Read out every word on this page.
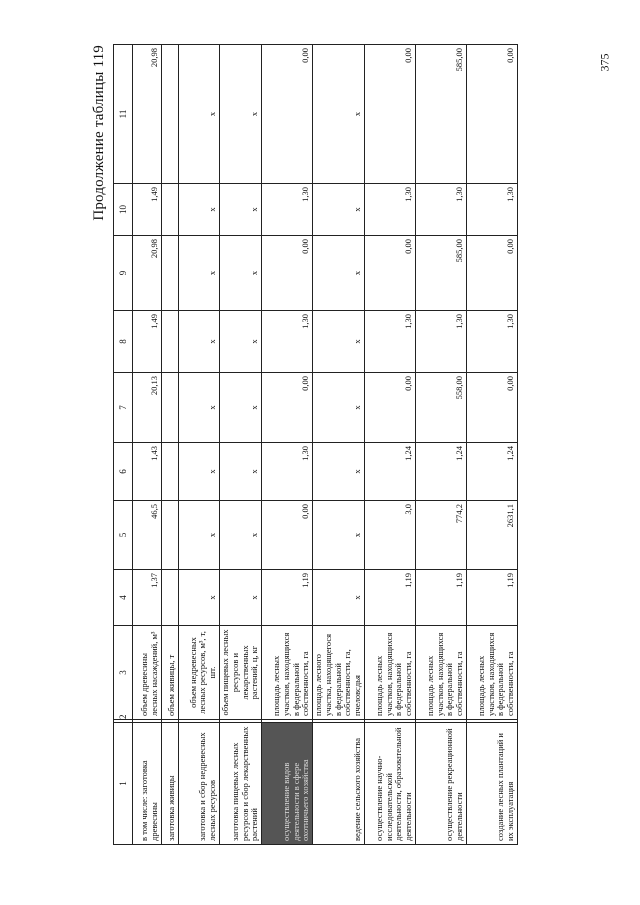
375
Продолжение таблицы 119
1	2	3	4	5	6	7	8	9	10	11
в том числе: заготовка древесины		объем древесины лесных насаждений, м³	1,37	46,5	1,43	20,13	1,49	20,98	1,49	20,98
заготовка живицы		объем живицы, т								
заготовка и сбор недревесных лесных ресурсов		объем недревесных лесных ресурсов, м³, т, шт.	x	x	x	x	x	x	x	x
заготовка пищевых лесных ресурсов и сбор лекарственных растений		объем пищевых лесных ресурсов и лекарственных растений, ц, кг	x	x	x	x	x	x	x	x
осуществление видов деятельности в сфере охотничьего хозяйства		площадь лесных участков, находящихся в федеральной собственности, га	1,19	0,00	1,30	0,00	1,30	0,00	1,30	0,00
ведение сельского хозяйства		площадь лесного участка, находящегося в федеральной собственности, га, пчеловсдья	x	x	x	x	x	x	x	x
осуществление научно-исследовательской деятельности, образовательной деятельности		площадь лесных участков, находящихся в федеральной собственности, га	1,19	3,0	1,24	0,00	1,30	0,00	1,30	0,00
осуществление рекреационной деятельности		площадь лесных участков, находящихся в федеральной собственности, га	1,19	774,2	1,24	558,00	1,30	585,00	1,30	585,00
создание лесных плантаций и их эксплуатация		площадь лесных участков, находящихся в федеральной собственности, га	1,19	2631,1	1,24	0,00	1,30	0,00	1,30	0,00
